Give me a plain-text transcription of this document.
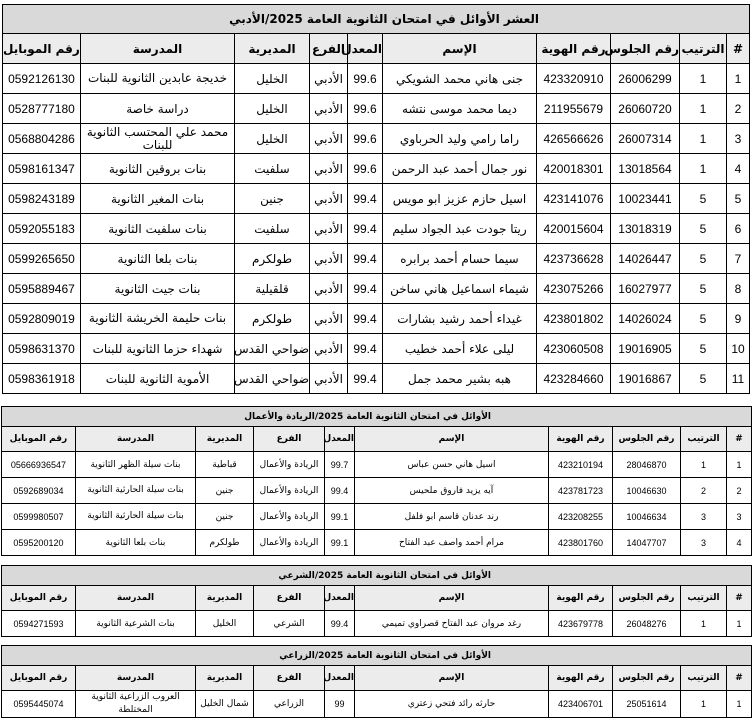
العشر الأوائل في امتحان الثانوية العامة 2025/الأدبي									
#	الترتيب	رقم الجلوس	رقم الهوية	الإسم	المعدل	الفرع	المديرية	المدرسة	رقم الموبايل
1	1	26006299	423320910	جنى هاني محمد الشويكي	99.6	الأدبي	الخليل	خديجة عابدين الثانوية للبنات	0592126130
2	1	26060720	211955679	ديما محمد موسى نتشه	99.6	الأدبي	الخليل	دراسة خاصة	0528777180
3	1	26007314	426566626	راما رامي وليد الحرباوي	99.6	الأدبي	الخليل	محمد علي المحتسب الثانوية للبنات	0568804286
4	1	13018564	420018301	نور جمال أحمد عبد الرحمن	99.6	الأدبي	سلفيت	بنات بروقين الثانوية	0598161347
5	5	10023441	423141076	اسيل حازم عزيز ابو مويس	99.4	الأدبي	جنين	بنات المغير الثانوية	0598243189
6	5	13018319	420015604	ريتا جودت عبد الجواد سليم	99.4	الأدبي	سلفيت	بنات سلفيت الثانوية	0592055183
7	5	14026447	423736628	سيما حسام أحمد برابره	99.4	الأدبي	طولكرم	بنات بلعا الثانوية	0599265650
8	5	16027977	423075266	شيماء اسماعيل هاني ساخن	99.4	الأدبي	قلقيلية	بنات جيت الثانوية	0595889467
9	5	14026024	423801802	غيداء أحمد رشيد بشارات	99.4	الأدبي	طولكرم	بنات حليمة الخريشة الثانوية	0592809019
10	5	19016905	423060508	ليلى علاء أحمد خطيب	99.4	الأدبي	ضواحي القدس	شهداء حزما الثانوية للبنات	0598631370
11	5	19016867	423284660	هبه بشير محمد جمل	99.4	الأدبي	ضواحي القدس	الأموية الثانوية للبنات	0598361918
الأوائل في امتحان الثانوية العامة 2025/الريادة والأعمال									
#	الترتيب	رقم الجلوس	رقم الهوية	الإسم	المعدل	الفرع	المديرية	المدرسة	رقم الموبايل
1	1	28046870	423210194	اسيل هاني حسن عباس	99.7	الريادة والأعمال	قباطية	بنات سيلة الظهر الثانوية	05666936547
2	2	10046630	423781723	آيه يزيد فاروق ملحيس	99.4	الريادة والأعمال	جنين	بنات سيلة الحارثية الثانوية	0592689034
3	3	10046634	423208255	رند عدنان قاسم ابو فلفل	99.1	الريادة والأعمال	جنين	بنات سيلة الحارثية الثانوية	0599980507
4	3	14047707	423801760	مرام أحمد واصف عبد الفتاح	99.1	الريادة والأعمال	طولكرم	بنات بلعا الثانوية	0595200120
الأوائل في امتحان الثانوية العامة 2025/الشرعي									
#	الترتيب	رقم الجلوس	رقم الهوية	الإسم	المعدل	الفرع	المديرية	المدرسة	رقم الموبايل
1	1	26048276	423679778	رغد مروان عبد الفتاح قصراوي تميمي	99.4	الشرعي	الخليل	بنات الشرعية الثانوية	0594271593
الأوائل في امتحان الثانوية العامة 2025/الزراعي									
#	الترتيب	رقم الجلوس	رقم الهوية	الإسم	المعدل	الفرع	المديرية	المدرسة	رقم الموبايل
1	1	25051614	423406701	حارثه رائد فتحي زعتري	99	الزراعي	شمال الخليل	العروب الزراعية الثانوية المختلطة	0595445074
